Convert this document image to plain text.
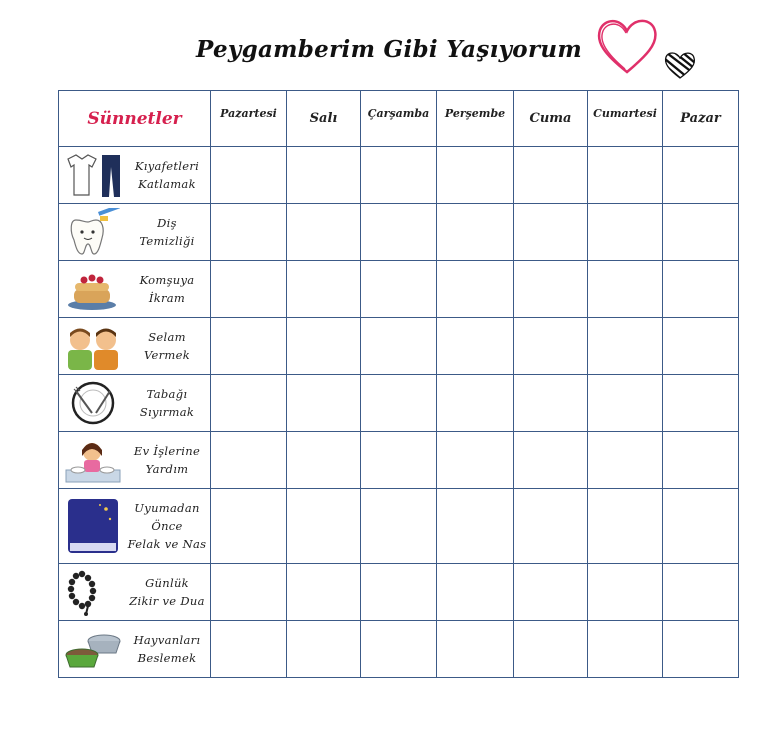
Peygamberim Gibi Yaşıyorum
Sünnetler	Pazartesi	Salı	Çarşamba	Perşembe	Cuma	Cumartesi	Pazar

Kıyafetleri
Katlamak							

Diş
Temizliği							

Komşuya
İkram							

Selam
Vermek							

Tabağı
Sıyırmak							

Ev İşlerine
Yardım							

Uyumadan
Önce
Felak ve Nas							

Günlük
Zikir ve Dua							

Hayvanları
Beslemek							
